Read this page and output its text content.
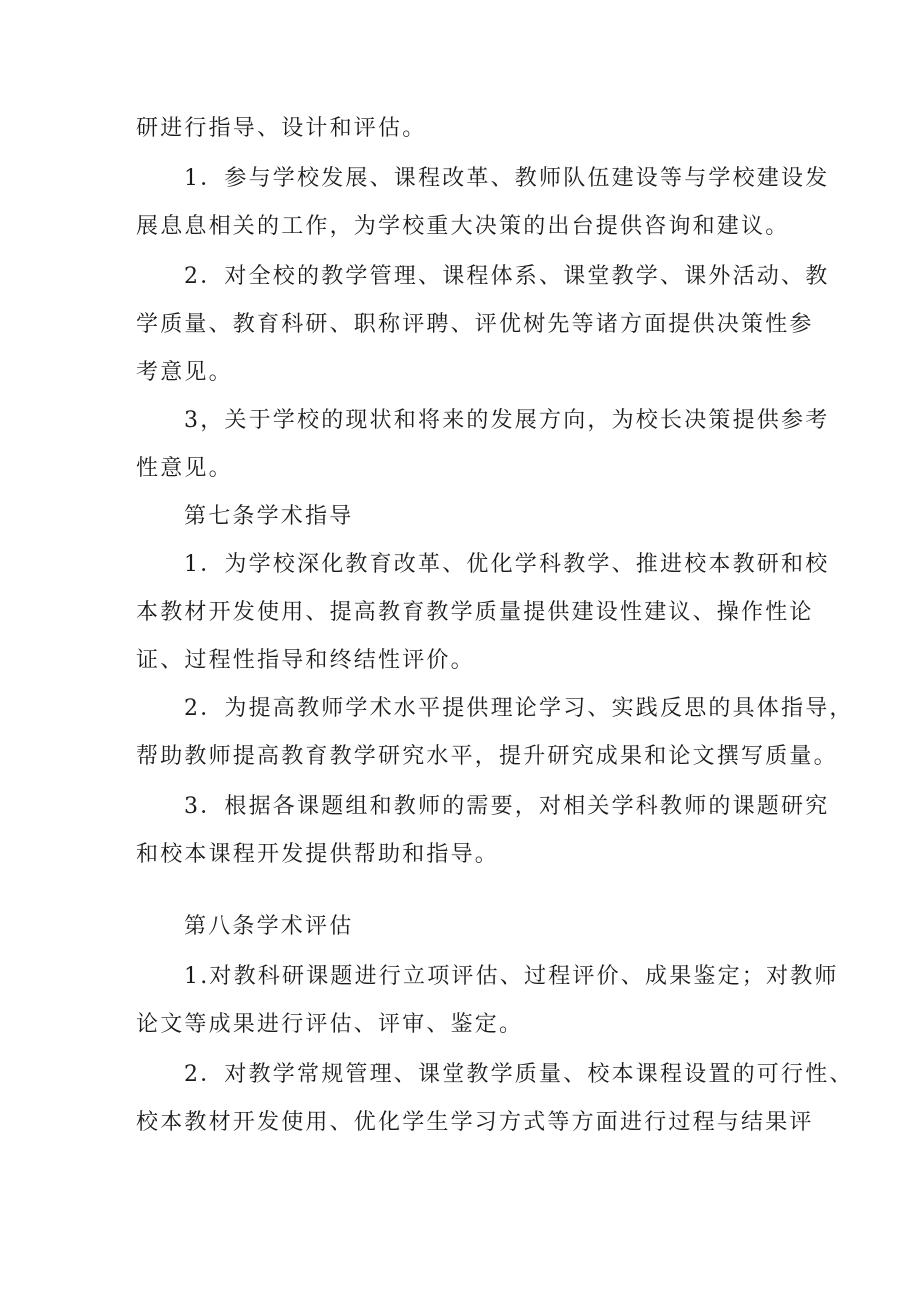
研进行指导、设计和评估。
1．参与学校发展、课程改革、教师队伍建设等与学校建设发
展息息相关的工作，为学校重大决策的出台提供咨询和建议。
2．对全校的教学管理、课程体系、课堂教学、课外活动、教
学质量、教育科研、职称评聘、评优树先等诸方面提供决策性参
考意见。
3，关于学校的现状和将来的发展方向，为校长决策提供参考
性意见。
第七条学术指导
1．为学校深化教育改革、优化学科教学、推进校本教研和校
本教材开发使用、提高教育教学质量提供建设性建议、操作性论
证、过程性指导和终结性评价。
2．为提高教师学术水平提供理论学习、实践反思的具体指导，
帮助教师提高教育教学研究水平，提升研究成果和论文撰写质量。
3．根据各课题组和教师的需要，对相关学科教师的课题研究
和校本课程开发提供帮助和指导。
第八条学术评估
1.对教科研课题进行立项评估、过程评价、成果鉴定；对教师
论文等成果进行评估、评审、鉴定。
2．对教学常规管理、课堂教学质量、校本课程设置的可行性、
校本教材开发使用、优化学生学习方式等方面进行过程与结果评
